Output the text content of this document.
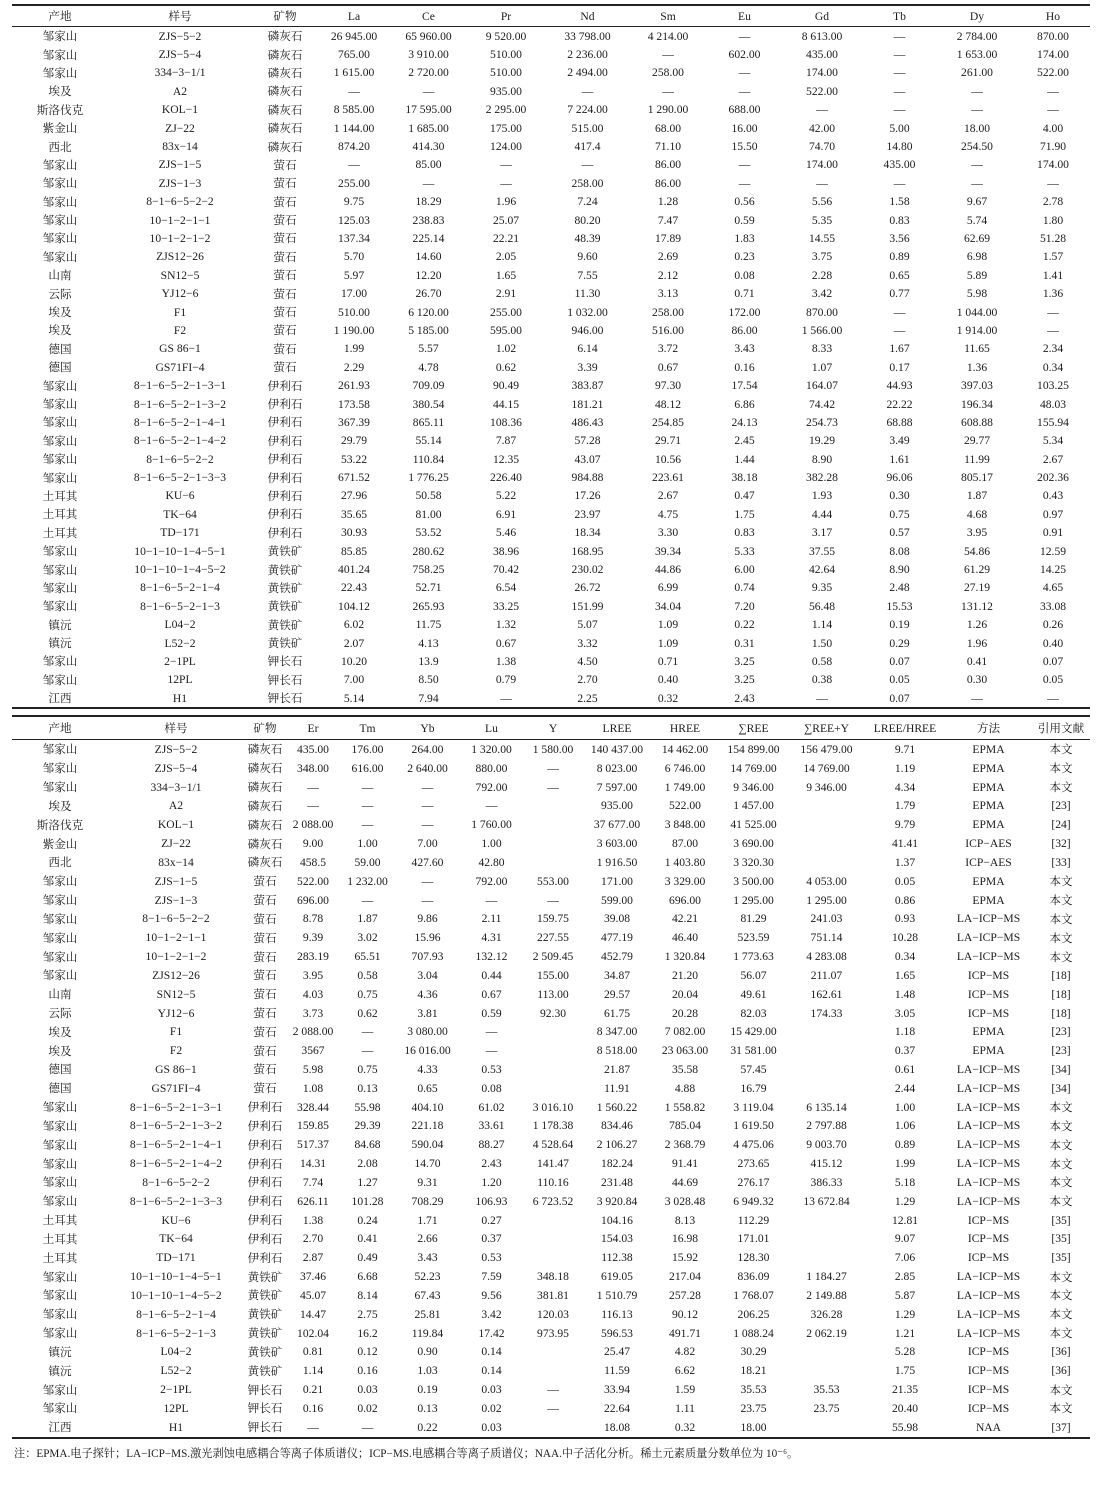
产地	样号	矿物	La	Ce	Pr	Nd	Sm	Eu	Gd	Tb	Dy	Ho
邹家山	ZJS−5−2	磷灰石	26 945.00	65 960.00	9 520.00	33 798.00	4 214.00	—	8 613.00	—	2 784.00	870.00
邹家山	ZJS−5−4	磷灰石	765.00	3 910.00	510.00	2 236.00	—	602.00	435.00	—	1 653.00	174.00
邹家山	334−3−1/1	磷灰石	1 615.00	2 720.00	510.00	2 494.00	258.00	—	174.00	—	261.00	522.00
埃及	A2	磷灰石	—	—	935.00	—	—	—	522.00	—	—	—
斯洛伐克	KOL−1	磷灰石	8 585.00	17 595.00	2 295.00	7 224.00	1 290.00	688.00	—	—	—	—
紫金山	ZJ−22	磷灰石	1 144.00	1 685.00	175.00	515.00	68.00	16.00	42.00	5.00	18.00	4.00
西北	83x−14	磷灰石	874.20	414.30	124.00	417.4	71.10	15.50	74.70	14.80	254.50	71.90
邹家山	ZJS−1−5	萤石	—	85.00	—	—	86.00	—	174.00	435.00	—	174.00
邹家山	ZJS−1−3	萤石	255.00	—	—	258.00	86.00	—	—	—	—	—
邹家山	8−1−6−5−2−2	萤石	9.75	18.29	1.96	7.24	1.28	0.56	5.56	1.58	9.67	2.78
邹家山	10−1−2−1−1	萤石	125.03	238.83	25.07	80.20	7.47	0.59	5.35	0.83	5.74	1.80
邹家山	10−1−2−1−2	萤石	137.34	225.14	22.21	48.39	17.89	1.83	14.55	3.56	62.69	51.28
邹家山	ZJS12−26	萤石	5.70	14.60	2.05	9.60	2.69	0.23	3.75	0.89	6.98	1.57
山南	SN12−5	萤石	5.97	12.20	1.65	7.55	2.12	0.08	2.28	0.65	5.89	1.41
云际	YJ12−6	萤石	17.00	26.70	2.91	11.30	3.13	0.71	3.42	0.77	5.98	1.36
埃及	F1	萤石	510.00	6 120.00	255.00	1 032.00	258.00	172.00	870.00	—	1 044.00	—
埃及	F2	萤石	1 190.00	5 185.00	595.00	946.00	516.00	86.00	1 566.00	—	1 914.00	—
德国	GS 86−1	萤石	1.99	5.57	1.02	6.14	3.72	3.43	8.33	1.67	11.65	2.34
德国	GS71FI−4	萤石	2.29	4.78	0.62	3.39	0.67	0.16	1.07	0.17	1.36	0.34
邹家山	8−1−6−5−2−1−3−1	伊利石	261.93	709.09	90.49	383.87	97.30	17.54	164.07	44.93	397.03	103.25
邹家山	8−1−6−5−2−1−3−2	伊利石	173.58	380.54	44.15	181.21	48.12	6.86	74.42	22.22	196.34	48.03
邹家山	8−1−6−5−2−1−4−1	伊利石	367.39	865.11	108.36	486.43	254.85	24.13	254.73	68.88	608.88	155.94
邹家山	8−1−6−5−2−1−4−2	伊利石	29.79	55.14	7.87	57.28	29.71	2.45	19.29	3.49	29.77	5.34
邹家山	8−1−6−5−2−2	伊利石	53.22	110.84	12.35	43.07	10.56	1.44	8.90	1.61	11.99	2.67
邹家山	8−1−6−5−2−1−3−3	伊利石	671.52	1 776.25	226.40	984.88	223.61	38.18	382.28	96.06	805.17	202.36
土耳其	KU−6	伊利石	27.96	50.58	5.22	17.26	2.67	0.47	1.93	0.30	1.87	0.43
土耳其	TK−64	伊利石	35.65	81.00	6.91	23.97	4.75	1.75	4.44	0.75	4.68	0.97
土耳其	TD−171	伊利石	30.93	53.52	5.46	18.34	3.30	0.83	3.17	0.57	3.95	0.91
邹家山	10−1−10−1−4−5−1	黄铁矿	85.85	280.62	38.96	168.95	39.34	5.33	37.55	8.08	54.86	12.59
邹家山	10−1−10−1−4−5−2	黄铁矿	401.24	758.25	70.42	230.02	44.86	6.00	42.64	8.90	61.29	14.25
邹家山	8−1−6−5−2−1−4	黄铁矿	22.43	52.71	6.54	26.72	6.99	0.74	9.35	2.48	27.19	4.65
邹家山	8−1−6−5−2−1−3	黄铁矿	104.12	265.93	33.25	151.99	34.04	7.20	56.48	15.53	131.12	33.08
镇沅	L04−2	黄铁矿	6.02	11.75	1.32	5.07	1.09	0.22	1.14	0.19	1.26	0.26
镇沅	L52−2	黄铁矿	2.07	4.13	0.67	3.32	1.09	0.31	1.50	0.29	1.96	0.40
邹家山	2−1PL	钾长石	10.20	13.9	1.38	4.50	0.71	3.25	0.58	0.07	0.41	0.07
邹家山	12PL	钾长石	7.00	8.50	0.79	2.70	0.40	3.25	0.38	0.05	0.30	0.05
江西	H1	钾长石	5.14	7.94	—	2.25	0.32	2.43	—	0.07	—	—
产地	样号	矿物	Er	Tm	Yb	Lu	Y	LREE	HREE	∑REE	∑REE+Y	LREE/HREE	方法	引用文献
邹家山	ZJS−5−2	磷灰石	435.00	176.00	264.00	1 320.00	1 580.00	140 437.00	14 462.00	154 899.00	156 479.00	9.71	EPMA	本文
邹家山	ZJS−5−4	磷灰石	348.00	616.00	2 640.00	880.00	—	8 023.00	6 746.00	14 769.00	14 769.00	1.19	EPMA	本文
邹家山	334−3−1/1	磷灰石	—	—	—	792.00	—	7 597.00	1 749.00	9 346.00	9 346.00	4.34	EPMA	本文
埃及	A2	磷灰石	—	—	—	—		935.00	522.00	1 457.00		1.79	EPMA	[23]
斯洛伐克	KOL−1	磷灰石	2 088.00	—	—	1 760.00		37 677.00	3 848.00	41 525.00		9.79	EPMA	[24]
紫金山	ZJ−22	磷灰石	9.00	1.00	7.00	1.00		3 603.00	87.00	3 690.00		41.41	ICP−AES	[32]
西北	83x−14	磷灰石	458.5	59.00	427.60	42.80		1 916.50	1 403.80	3 320.30		1.37	ICP−AES	[33]
邹家山	ZJS−1−5	萤石	522.00	1 232.00	—	792.00	553.00	171.00	3 329.00	3 500.00	4 053.00	0.05	EPMA	本文
邹家山	ZJS−1−3	萤石	696.00	—	—	—	—	599.00	696.00	1 295.00	1 295.00	0.86	EPMA	本文
邹家山	8−1−6−5−2−2	萤石	8.78	1.87	9.86	2.11	159.75	39.08	42.21	81.29	241.03	0.93	LA−ICP−MS	本文
邹家山	10−1−2−1−1	萤石	9.39	3.02	15.96	4.31	227.55	477.19	46.40	523.59	751.14	10.28	LA−ICP−MS	本文
邹家山	10−1−2−1−2	萤石	283.19	65.51	707.93	132.12	2 509.45	452.79	1 320.84	1 773.63	4 283.08	0.34	LA−ICP−MS	本文
邹家山	ZJS12−26	萤石	3.95	0.58	3.04	0.44	155.00	34.87	21.20	56.07	211.07	1.65	ICP−MS	[18]
山南	SN12−5	萤石	4.03	0.75	4.36	0.67	113.00	29.57	20.04	49.61	162.61	1.48	ICP−MS	[18]
云际	YJ12−6	萤石	3.73	0.62	3.81	0.59	92.30	61.75	20.28	82.03	174.33	3.05	ICP−MS	[18]
埃及	F1	萤石	2 088.00	—	3 080.00	—		8 347.00	7 082.00	15 429.00		1.18	EPMA	[23]
埃及	F2	萤石	3567	—	16 016.00	—		8 518.00	23 063.00	31 581.00		0.37	EPMA	[23]
德国	GS 86−1	萤石	5.98	0.75	4.33	0.53		21.87	35.58	57.45		0.61	LA−ICP−MS	[34]
德国	GS71FI−4	萤石	1.08	0.13	0.65	0.08		11.91	4.88	16.79		2.44	LA−ICP−MS	[34]
邹家山	8−1−6−5−2−1−3−1	伊利石	328.44	55.98	404.10	61.02	3 016.10	1 560.22	1 558.82	3 119.04	6 135.14	1.00	LA−ICP−MS	本文
邹家山	8−1−6−5−2−1−3−2	伊利石	159.85	29.39	221.18	33.61	1 178.38	834.46	785.04	1 619.50	2 797.88	1.06	LA−ICP−MS	本文
邹家山	8−1−6−5−2−1−4−1	伊利石	517.37	84.68	590.04	88.27	4 528.64	2 106.27	2 368.79	4 475.06	9 003.70	0.89	LA−ICP−MS	本文
邹家山	8−1−6−5−2−1−4−2	伊利石	14.31	2.08	14.70	2.43	141.47	182.24	91.41	273.65	415.12	1.99	LA−ICP−MS	本文
邹家山	8−1−6−5−2−2	伊利石	7.74	1.27	9.31	1.20	110.16	231.48	44.69	276.17	386.33	5.18	LA−ICP−MS	本文
邹家山	8−1−6−5−2−1−3−3	伊利石	626.11	101.28	708.29	106.93	6 723.52	3 920.84	3 028.48	6 949.32	13 672.84	1.29	LA−ICP−MS	本文
土耳其	KU−6	伊利石	1.38	0.24	1.71	0.27		104.16	8.13	112.29		12.81	ICP−MS	[35]
土耳其	TK−64	伊利石	2.70	0.41	2.66	0.37		154.03	16.98	171.01		9.07	ICP−MS	[35]
土耳其	TD−171	伊利石	2.87	0.49	3.43	0.53		112.38	15.92	128.30		7.06	ICP−MS	[35]
邹家山	10−1−10−1−4−5−1	黄铁矿	37.46	6.68	52.23	7.59	348.18	619.05	217.04	836.09	1 184.27	2.85	LA−ICP−MS	本文
邹家山	10−1−10−1−4−5−2	黄铁矿	45.07	8.14	67.43	9.56	381.81	1 510.79	257.28	1 768.07	2 149.88	5.87	LA−ICP−MS	本文
邹家山	8−1−6−5−2−1−4	黄铁矿	14.47	2.75	25.81	3.42	120.03	116.13	90.12	206.25	326.28	1.29	LA−ICP−MS	本文
邹家山	8−1−6−5−2−1−3	黄铁矿	102.04	16.2	119.84	17.42	973.95	596.53	491.71	1 088.24	2 062.19	1.21	LA−ICP−MS	本文
镇沅	L04−2	黄铁矿	0.81	0.12	0.90	0.14		25.47	4.82	30.29		5.28	ICP−MS	[36]
镇沅	L52−2	黄铁矿	1.14	0.16	1.03	0.14		11.59	6.62	18.21		1.75	ICP−MS	[36]
邹家山	2−1PL	钾长石	0.21	0.03	0.19	0.03	—	33.94	1.59	35.53	35.53	21.35	ICP−MS	本文
邹家山	12PL	钾长石	0.16	0.02	0.13	0.02	—	22.64	1.11	23.75	23.75	20.40	ICP−MS	本文
江西	H1	钾长石	—	—	0.22	0.03		18.08	0.32	18.00		55.98	NAA	[37]
注：EPMA.电子探针；LA−ICP−MS.激光剥蚀电感耦合等离子体质谱仪；ICP−MS.电感耦合等离子质谱仪；NAA.中子活化分析。稀土元素质量分数单位为 10⁻⁶。
